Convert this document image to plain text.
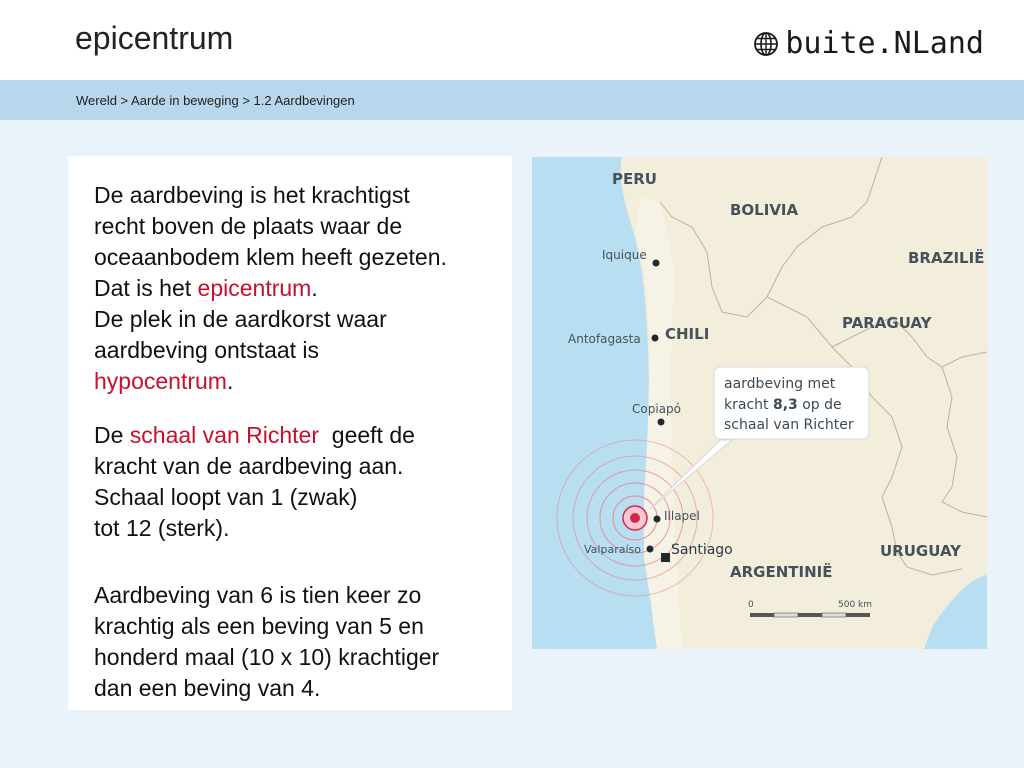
epicentrum	buite.NLand
Wereld > Aarde in beweging > 1.2 Aardbevingen
De aardbeving is het krachtigst
recht boven de plaats waar de
oceaanbodem klem heeft gezeten.
Dat is het epicentrum.
De plek in de aardkorst waar
aardbeving ontstaat is
hypocentrum.
De schaal van Richter  geeft de
kracht van de aardbeving aan.
Schaal loopt van 1 (zwak)
tot 12 (sterk).
Aardbeving van 6 is tien keer zo
krachtig als een beving van 5 en
honderd maal (10 x 10) krachtiger
dan een beving van 4.
aardbeving met
kracht 8,3 op de
schaal van Richter
PERU
BOLIVIA
BRAZILIË
PARAGUAY
CHILI
URUGUAY
ARGENTINIË
Iquique
Antofagasta
Copiapó
Illapel
Valparaíso Santiago
0	500 km
